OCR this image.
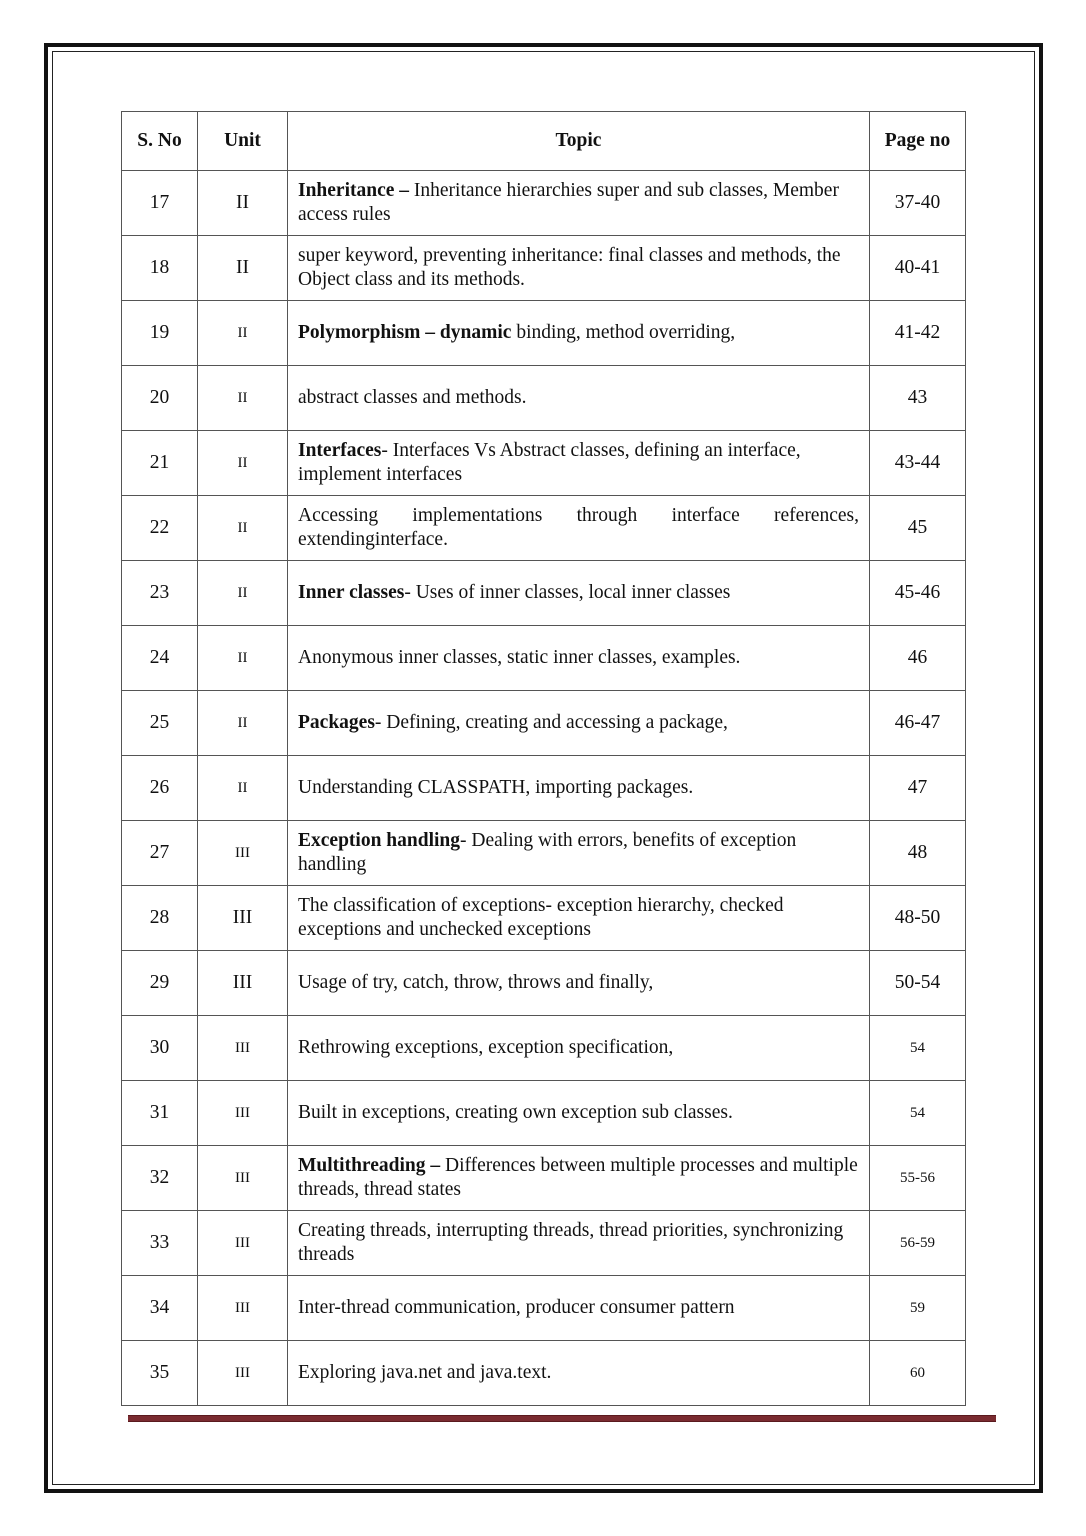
S. No	Unit	Topic	Page no
17	II	Inheritance – Inheritance hierarchies super and sub classes, Member access rules	37-40
18	II	super keyword, preventing inheritance: final classes and methods, the Object class and its methods.	40-41
19	II	Polymorphism – dynamic binding, method overriding,	41-42
20	II	abstract classes and methods.	43
21	II	Interfaces- Interfaces Vs Abstract classes, defining an interface, implement interfaces	43-44
22	II	Accessing implementations through interface references, extendinginterface.	45
23	II	Inner classes- Uses of inner classes, local inner classes	45-46
24	II	Anonymous inner classes, static inner classes, examples.	46
25	II	Packages- Defining, creating and accessing a package,	46-47
26	II	Understanding CLASSPATH, importing packages.	47
27	III	Exception handling- Dealing with errors, benefits of exception handling	48
28	III	The classification of exceptions- exception hierarchy, checked exceptions and unchecked exceptions	48-50
29	III	Usage of try, catch, throw, throws and finally,	50-54
30	III	Rethrowing exceptions, exception specification,	54
31	III	Built in exceptions, creating own exception sub classes.	54
32	III	Multithreading – Differences between multiple processes and multiple threads, thread states	55-56
33	III	Creating threads, interrupting threads, thread priorities, synchronizing threads	56-59
34	III	Inter-thread communication, producer consumer pattern	59
35	III	Exploring java.net and java.text.	60
